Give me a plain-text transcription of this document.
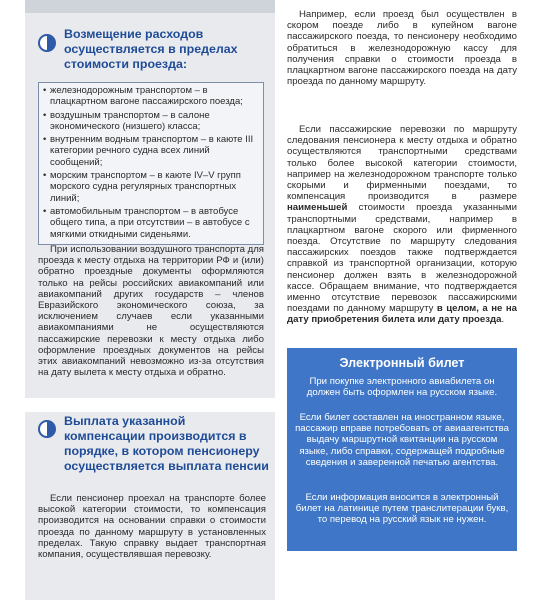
Возмещение расходов осуществляется в пределах стоимости проезда:
• железнодорожным транспортом – в плацкартном вагоне пассажирского поезда;
• воздушным транспортом – в салоне экономического (низшего) класса;
• внутренним водным транспортом – в каюте III категории речного судна всех линий сообщений;
• морским транспортом – в каюте IV–V групп морского судна регулярных транспортных линий;
• автомобильным транспортом – в автобусе общего типа, а при отсутствии – в автобусе с мягкими откидными сиденьями.

При использовании воздушного транспорта для проезда к месту отдыха на территории РФ и (или) обратно проездные документы оформляются только на рейсы российских авиакомпаний или авиакомпаний других государств – членов Евразийского экономического союза, за исключением случаев если указанными авиакомпаниями не осуществляются пассажирские перевозки к месту отдыха либо оформление проездных документов на рейсы этих авиакомпаний невозможно из-за отсутствия на дату вылета к месту отдыха и обратно.

Выплата указанной компенсации производится в порядке, в котором пенсионеру осуществляется выплата пенсии

Если пенсионер проехал на транспорте более высокой категории стоимости, то компенсация производится на основании справки о стоимости проезда по данному маршруту в установленных пределах. Такую справку выдает транспортная компания, осуществлявшая перевозку.

Например, если проезд был осуществлен в скором поезде либо в купейном вагоне пассажирского поезда, то пенсионеру необходимо обратиться в железнодорожную кассу для получения справки о стоимости проезда в плацкартном вагоне пассажирского поезда на дату проезда по данному маршруту.

Если пассажирские перевозки по маршруту следования пенсионера к месту отдыха и обратно осуществляются транспортными средствами только более высокой категории стоимости, например на железнодорожном транспорте только скорыми и фирменными поездами, то компенсация производится в размере наименьшей стоимости проезда указанными транспортными средствами, например в плацкартном вагоне скорого или фирменного поезда. Отсутствие по маршруту следования пассажирских поездов также подтверждается справкой из транспортной организации, которую пенсионер должен взять в железнодорожной кассе. Обращаем внимание, что подтверждается именно отсутствие перевозок пассажирскими поездами по данному маршруту в целом, а не на дату приобретения билета или дату проезда.

Электронный билет

При покупке электронного авиабилета он должен быть оформлен на русском языке.

Если билет составлен на иностранном языке, пассажир вправе потребовать от авиаагентства выдачу маршрутной квитанции на русском языке, либо справки, содержащей подробные сведения и заверенной печатью агентства.

Если информация вносится в электронный билет на латинице путем транслитерации букв, то перевод на русский язык не нужен.
